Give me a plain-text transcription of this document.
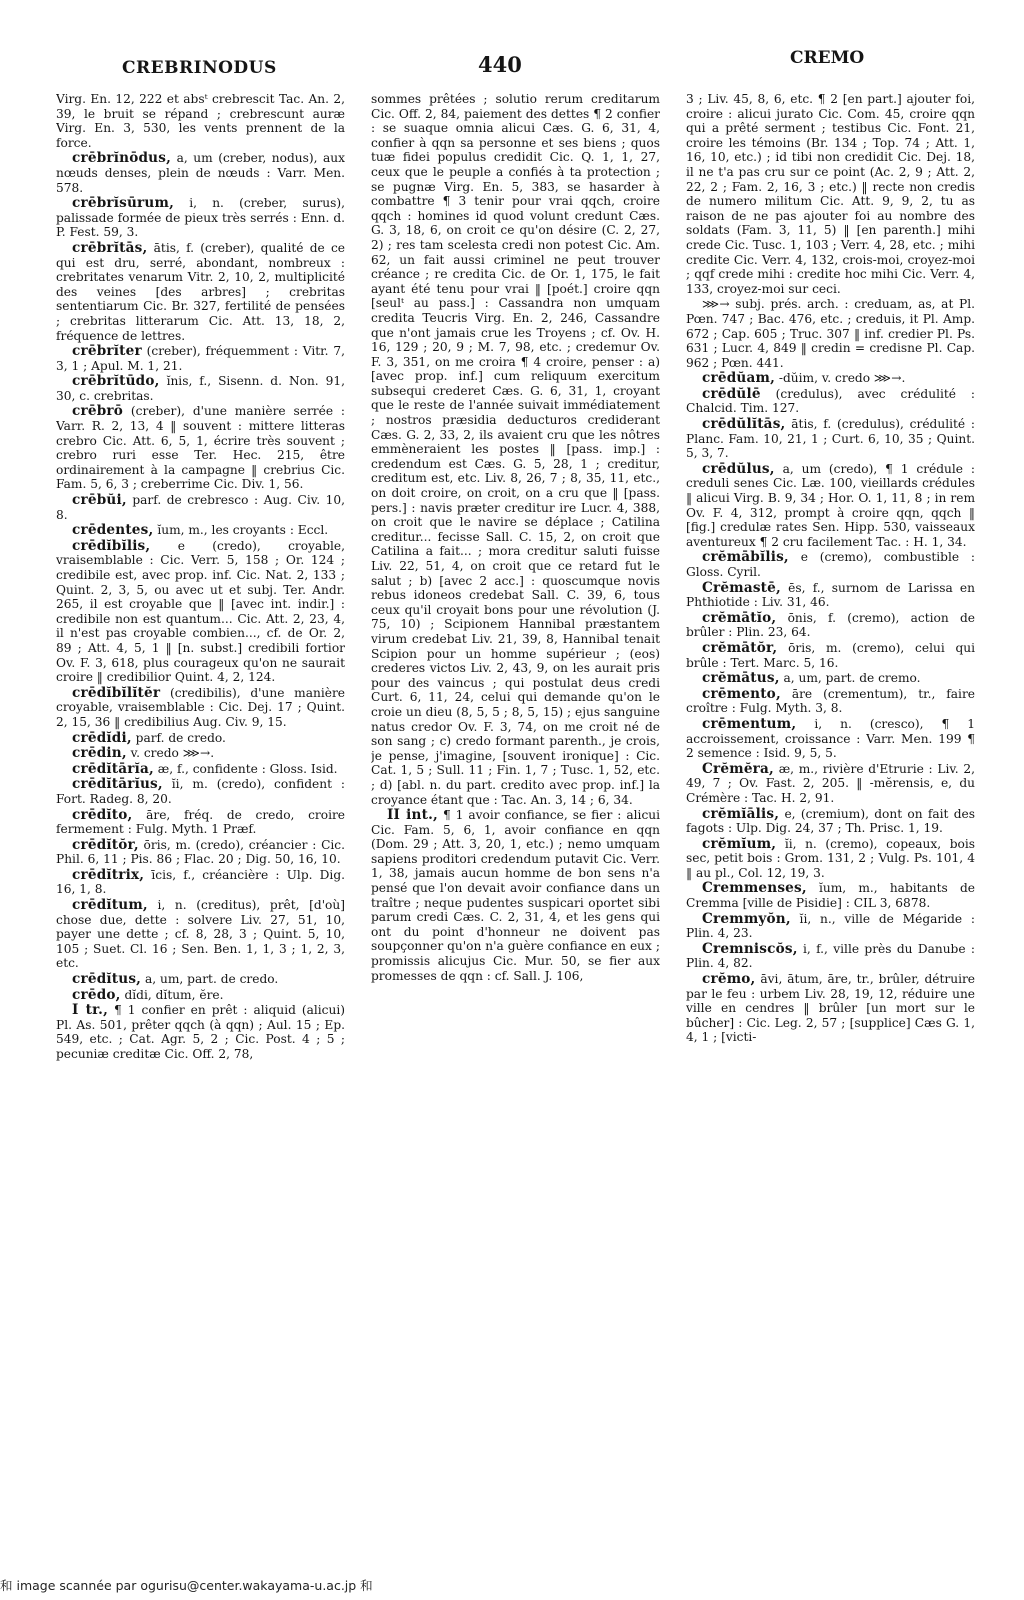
CREBRINODUS	440	CREMO

Virg. En. 12, 222 et absᵗ crebrescit Tac. An. 2, 39, le bruit se répand ; crebrescunt auræ Virg. En. 3, 530, les vents prennent de la force.

crēbrĭnōdus, a, um (creber, nodus), aux nœuds denses, plein de nœuds : Varr. Men. 578.

crēbrĭsūrum, i, n. (creber, surus), palissade formée de pieux très serrés : Enn. d. P. Fest. 59, 3.

crēbrĭtās, ātis, f. (creber), qualité de ce qui est dru, serré, abondant, nombreux : crebritates venarum Vitr. 2, 10, 2, multiplicité des veines [des arbres] ; crebritas sententiarum Cic. Br. 327, fertilité de pensées ; crebritas litterarum Cic. Att. 13, 18, 2, fréquence de lettres.

crēbrĭter (creber), fréquemment : Vitr. 7, 3, 1 ; Apul. M. 1, 21.

crēbrĭtūdo, ĭnis, f., Sisenn. d. Non. 91, 30, c. crebritas.

crēbrō (creber), d'une manière serrée : Varr. R. 2, 13, 4 ‖ souvent : mittere litteras crebro Cic. Att. 6, 5, 1, écrire très souvent ; crebro ruri esse Ter. Hec. 215, être ordinairement à la campagne ‖ crebrius Cic. Fam. 5, 6, 3 ; creberrime Cic. Div. 1, 56.

crēbŭi, parf. de crebresco : Aug. Civ. 10, 8.

crēdentes, ĭum, m., les croyants : Eccl.

crēdĭbĭlis, e (credo), croyable, vraisemblable : Cic. Verr. 5, 158 ; Or. 124 ; credibile est, avec prop. inf. Cic. Nat. 2, 133 ; Quint. 2, 3, 5, ou avec ut et subj. Ter. Andr. 265, il est croyable que ‖ [avec int. indir.] : credibile non est quantum... Cic. Att. 2, 23, 4, il n'est pas croyable combien..., cf. de Or. 2, 89 ; Att. 4, 5, 1 ‖ [n. subst.] credibili fortior Ov. F. 3, 618, plus courageux qu'on ne saurait croire ‖ credibilior Quint. 4, 2, 124.

crēdĭbĭlĭtĕr (credibilis), d'une manière croyable, vraisemblable : Cic. Dej. 17 ; Quint. 2, 15, 36 ‖ credibilius Aug. Civ. 9, 15.

crēdĭdi, parf. de credo.

crēdin, v. credo ⋙→.

crēdĭtārĭa, æ, f., confidente : Gloss. Isid.

crēdĭtārĭus, ĭi, m. (credo), confident : Fort. Radeg. 8, 20.

crēdĭto, āre, fréq. de credo, croire fermement : Fulg. Myth. 1 Præf.

crēdĭtŏr, ōris, m. (credo), créancier : Cic. Phil. 6, 11 ; Pis. 86 ; Flac. 20 ; Dig. 50, 16, 10.

crēdĭtrix, īcis, f., créancière : Ulp. Dig. 16, 1, 8.

crēdĭtum, i, n. (creditus), prêt, [d'où] chose due, dette : solvere Liv. 27, 51, 10, payer une dette ; cf. 8, 28, 3 ; Quint. 5, 10, 105 ; Suet. Cl. 16 ; Sen. Ben. 1, 1, 3 ; 1, 2, 3, etc.

crēdĭtus, a, um, part. de credo.

crēdo, dĭdi, dĭtum, ĕre.

I tr., ¶ 1 confier en prêt : aliquid (alicui) Pl. As. 501, prêter qqch (à qqn) ; Aul. 15 ; Ep. 549, etc. ; Cat. Agr. 5, 2 ; Cic. Post. 4 ; 5 ; pecuniæ creditæ Cic. Off. 2, 78,

sommes prêtées ; solutio rerum creditarum Cic. Off. 2, 84, paiement des dettes ¶ 2 confier : se suaque omnia alicui Cæs. G. 6, 31, 4, confier à qqn sa personne et ses biens ; quos tuæ fidei populus credidit Cic. Q. 1, 1, 27, ceux que le peuple a confiés à ta protection ; se pugnæ Virg. En. 5, 383, se hasarder à combattre ¶ 3 tenir pour vrai qqch, croire qqch : homines id quod volunt credunt Cæs. G. 3, 18, 6, on croit ce qu'on désire (C. 2, 27, 2) ; res tam scelesta credi non potest Cic. Am. 62, un fait aussi criminel ne peut trouver créance ; re credita Cic. de Or. 1, 175, le fait ayant été tenu pour vrai ‖ [poét.] croire qqn [seulᵗ au pass.] : Cassandra non umquam credita Teucris Virg. En. 2, 246, Cassandre que n'ont jamais crue les Troyens ; cf. Ov. H. 16, 129 ; 20, 9 ; M. 7, 98, etc. ; credemur Ov. F. 3, 351, on me croira ¶ 4 croire, penser : a) [avec prop. inf.] cum reliquum exercitum subsequi crederet Cæs. G. 6, 31, 1, croyant que le reste de l'année suivait immédiatement ; nostros præsidia deducturos crediderant Cæs. G. 2, 33, 2, ils avaient cru que les nôtres emmèneraient les postes ‖ [pass. imp.] : credendum est Cæs. G. 5, 28, 1 ; creditur, creditum est, etc. Liv. 8, 26, 7 ; 8, 35, 11, etc., on doit croire, on croit, on a cru que ‖ [pass. pers.] : navis præter creditur ire Lucr. 4, 388, on croit que le navire se déplace ; Catilina creditur... fecisse Sall. C. 15, 2, on croit que Catilina a fait... ; mora creditur saluti fuisse Liv. 22, 51, 4, on croit que ce retard fut le salut ; b) [avec 2 acc.] : quoscumque novis rebus idoneos credebat Sall. C. 39, 6, tous ceux qu'il croyait bons pour une révolution (J. 75, 10) ; Scipionem Hannibal præstantem virum credebat Liv. 21, 39, 8, Hannibal tenait Scipion pour un homme supérieur ; (eos) crederes victos Liv. 2, 43, 9, on les aurait pris pour des vaincus ; qui postulat deus credi Curt. 6, 11, 24, celui qui demande qu'on le croie un dieu (8, 5, 5 ; 8, 5, 15) ; ejus sanguine natus credor Ov. F. 3, 74, on me croit né de son sang ; c) credo formant parenth., je crois, je pense, j'imagine, [souvent ironique] : Cic. Cat. 1, 5 ; Sull. 11 ; Fin. 1, 7 ; Tusc. 1, 52, etc. ; d) [abl. n. du part. credito avec prop. inf.] la croyance étant que : Tac. An. 3, 14 ; 6, 34.

II int., ¶ 1 avoir confiance, se fier : alicui Cic. Fam. 5, 6, 1, avoir confiance en qqn (Dom. 29 ; Att. 3, 20, 1, etc.) ; nemo umquam sapiens proditori credendum putavit Cic. Verr. 1, 38, jamais aucun homme de bon sens n'a pensé que l'on devait avoir confiance dans un traître ; neque pudentes suspicari oportet sibi parum credi Cæs. C. 2, 31, 4, et les gens qui ont du point d'honneur ne doivent pas soupçonner qu'on n'a guère confiance en eux ; promissis alicujus Cic. Mur. 50, se fier aux promesses de qqn : cf. Sall. J. 106,

3 ; Liv. 45, 8, 6, etc. ¶ 2 [en part.] ajouter foi, croire : alicui jurato Cic. Com. 45, croire qqn qui a prêté serment ; testibus Cic. Font. 21, croire les témoins (Br. 134 ; Top. 74 ; Att. 1, 16, 10, etc.) ; id tibi non credidit Cic. Dej. 18, il ne t'a pas cru sur ce point (Ac. 2, 9 ; Att. 2, 22, 2 ; Fam. 2, 16, 3 ; etc.) ‖ recte non credis de numero militum Cic. Att. 9, 9, 2, tu as raison de ne pas ajouter foi au nombre des soldats (Fam. 3, 11, 5) ‖ [en parenth.] mihi crede Cic. Tusc. 1, 103 ; Verr. 4, 28, etc. ; mihi credite Cic. Verr. 4, 132, crois-moi, croyez-moi ; qqf crede mihi : credite hoc mihi Cic. Verr. 4, 133, croyez-moi sur ceci.

⋙→ subj. prés. arch. : creduam, as, at Pl. Pœn. 747 ; Bac. 476, etc. ; creduis, it Pl. Amp. 672 ; Cap. 605 ; Truc. 307 ‖ inf. credier Pl. Ps. 631 ; Lucr. 4, 849 ‖ credin = credisne Pl. Cap. 962 ; Pœn. 441.

crēdŭam, -dŭim, v. credo ⋙→.

crēdŭlē (credulus), avec crédulité : Chalcid. Tim. 127.

crēdŭlĭtās, ātis, f. (credulus), crédulité : Planc. Fam. 10, 21, 1 ; Curt. 6, 10, 35 ; Quint. 5, 3, 7.

crēdŭlus, a, um (credo), ¶ 1 crédule : creduli senes Cic. Læ. 100, vieillards crédules ‖ alicui Virg. B. 9, 34 ; Hor. O. 1, 11, 8 ; in rem Ov. F. 4, 312, prompt à croire qqn, qqch ‖ [fig.] credulæ rates Sen. Hipp. 530, vaisseaux aventureux ¶ 2 cru facilement Tac. : H. 1, 34.

crĕmābĭlis, e (cremo), combustible : Gloss. Cyril.

Crĕmastē, ēs, f., surnom de Larissa en Phthiotide : Liv. 31, 46.

crĕmātĭo, ōnis, f. (cremo), action de brûler : Plin. 23, 64.

crĕmātŏr, ōris, m. (cremo), celui qui brûle : Tert. Marc. 5, 16.

crĕmātus, a, um, part. de cremo.

crēmento, āre (crementum), tr., faire croître : Fulg. Myth. 3, 8.

crēmentum, i, n. (cresco), ¶ 1 accroissement, croissance : Varr. Men. 199 ¶ 2 semence : Isid. 9, 5, 5.

Crĕmĕra, æ, m., rivière d'Etrurie : Liv. 2, 49, 7 ; Ov. Fast. 2, 205. ‖ -mĕrensis, e, du Crémère : Tac. H. 2, 91.

crĕmĭālis, e, (cremium), dont on fait des fagots : Ulp. Dig. 24, 37 ; Th. Prisc. 1, 19.

crĕmĭum, ĭi, n. (cremo), copeaux, bois sec, petit bois : Grom. 131, 2 ; Vulg. Ps. 101, 4 ‖ au pl., Col. 12, 19, 3.

Cremmenses, ĭum, m., habitants de Cremma [ville de Pisidie] : CIL 3, 6878.

Cremmyŏn, ĭi, n., ville de Mégaride : Plin. 4, 23.

Cremniscŏs, i, f., ville près du Danube : Plin. 4, 82.

crĕmo, āvi, ātum, āre, tr., brûler, détruire par le feu : urbem Liv. 28, 19, 12, réduire une ville en cendres ‖ brûler [un mort sur le bûcher] : Cic. Leg. 2, 57 ; [supplice] Cæs G. 1, 4, 1 ; [victi-

和 image scannée par ogurisu@center.wakayama-u.ac.jp 和
